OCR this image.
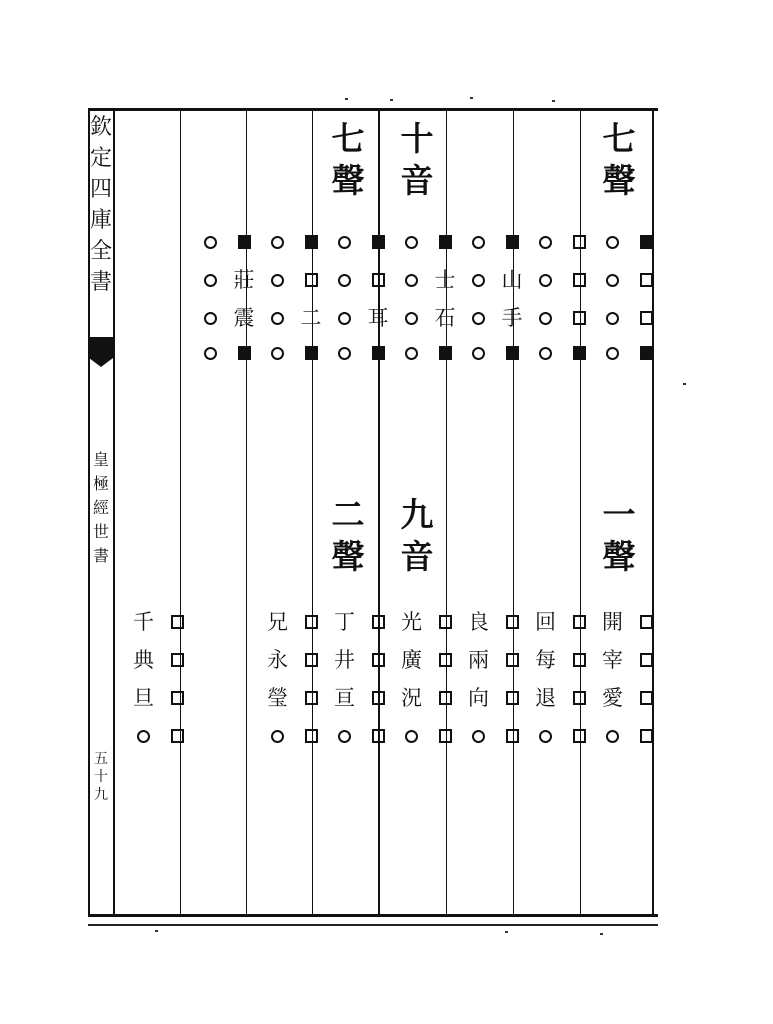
欽
定
四
庫
全
書
皇
極
經
世
書
五
十
九
七
聲
十
音
七
聲
一
聲
九
音
二
聲
山
手
士
石
耳
二
莊
震
開
宰
愛
回
每
退
良
兩
向
光
廣
況
丁
井
亘
兄
永
瑩
千
典
旦
